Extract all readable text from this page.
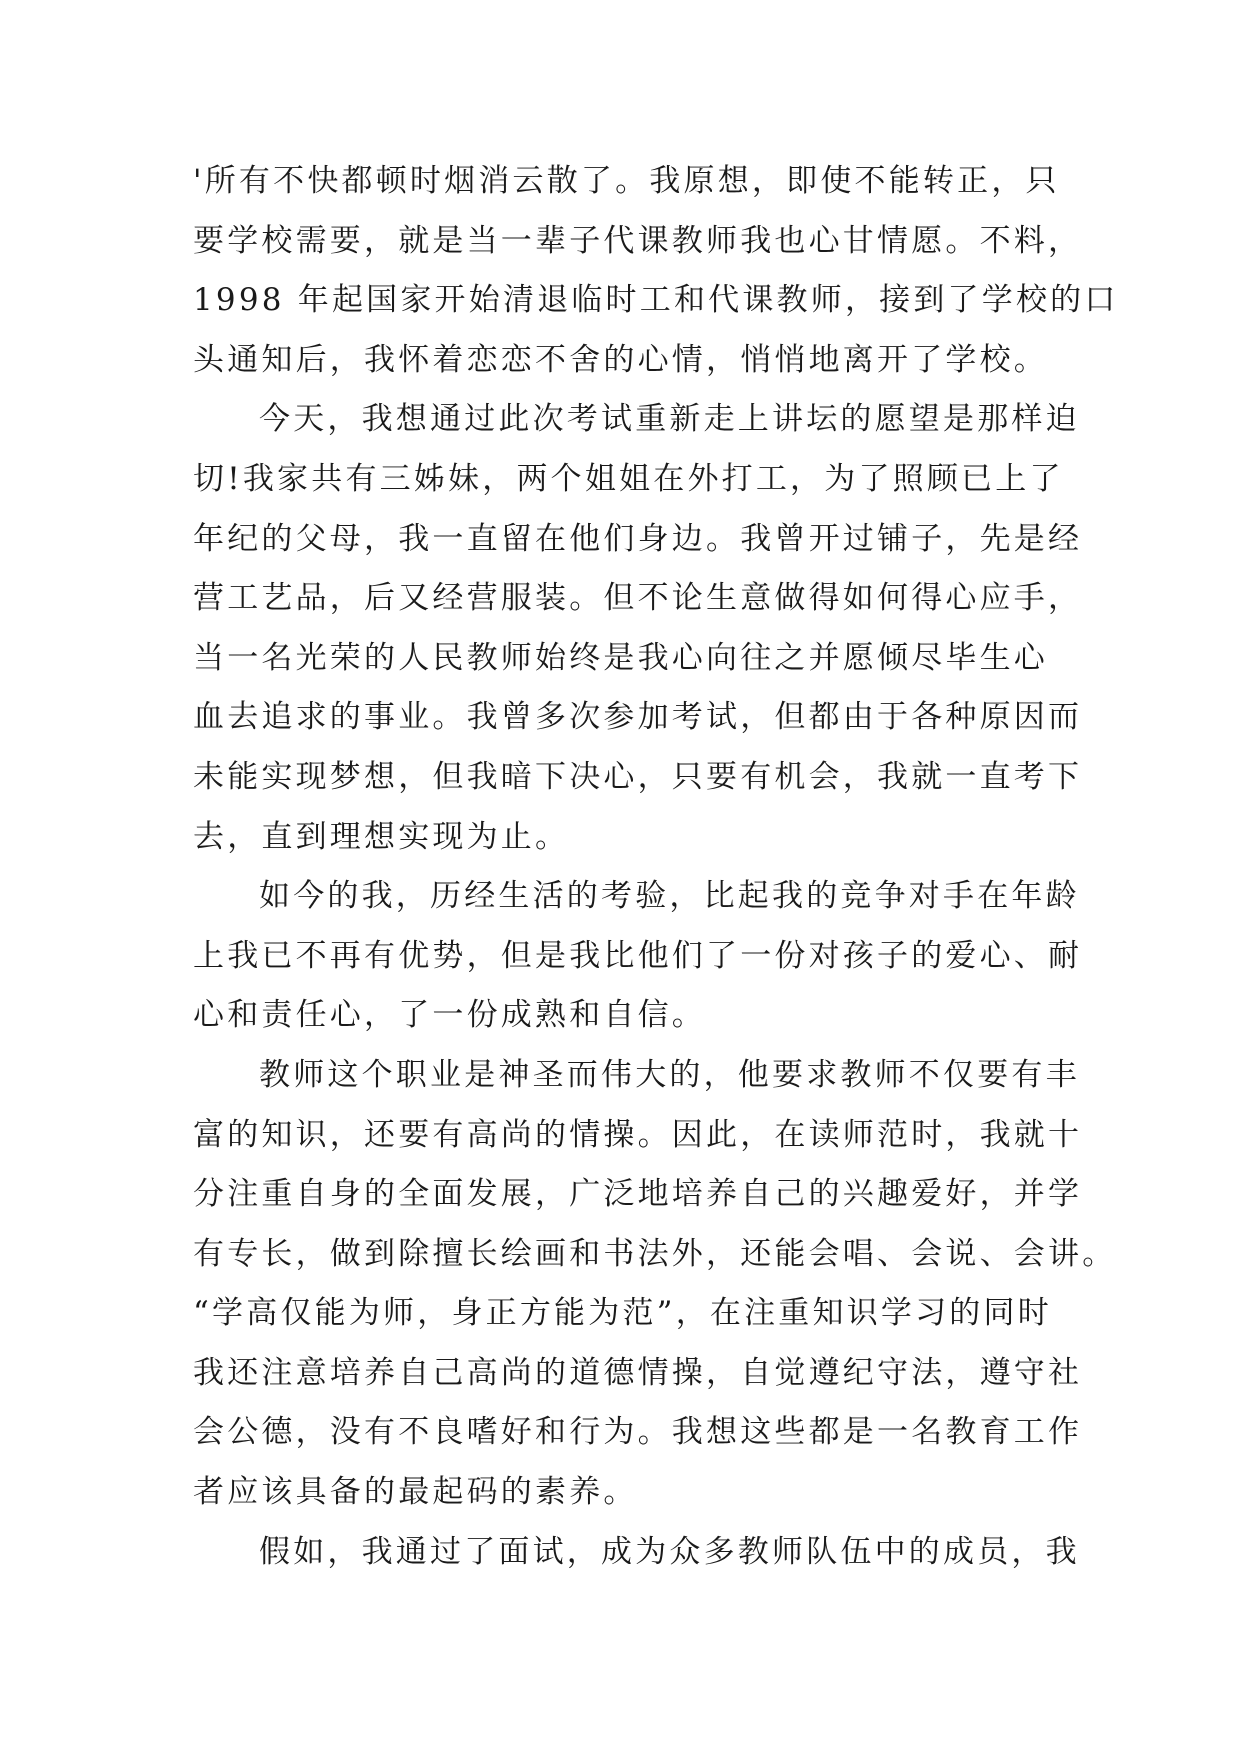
'所有不快都顿时烟消云散了。我原想，即使不能转正，只
要学校需要，就是当一辈子代课教师我也心甘情愿。不料，
1998 年起国家开始清退临时工和代课教师，接到了学校的口
头通知后，我怀着恋恋不舍的心情，悄悄地离开了学校。
今天，我想通过此次考试重新走上讲坛的愿望是那样迫
切!我家共有三姊妹，两个姐姐在外打工，为了照顾已上了
年纪的父母，我一直留在他们身边。我曾开过铺子，先是经
营工艺品，后又经营服装。但不论生意做得如何得心应手，
当一名光荣的人民教师始终是我心向往之并愿倾尽毕生心
血去追求的事业。我曾多次参加考试，但都由于各种原因而
未能实现梦想，但我暗下决心，只要有机会，我就一直考下
去，直到理想实现为止。
如今的我，历经生活的考验，比起我的竞争对手在年龄
上我已不再有优势，但是我比他们了一份对孩子的爱心、耐
心和责任心，了一份成熟和自信。
教师这个职业是神圣而伟大的，他要求教师不仅要有丰
富的知识，还要有高尚的情操。因此，在读师范时，我就十
分注重自身的全面发展，广泛地培养自己的兴趣爱好，并学
有专长，做到除擅长绘画和书法外，还能会唱、会说、会讲。
“学高仅能为师，身正方能为范”，在注重知识学习的同时
我还注意培养自己高尚的道德情操，自觉遵纪守法，遵守社
会公德，没有不良嗜好和行为。我想这些都是一名教育工作
者应该具备的最起码的素养。
假如，我通过了面试，成为众多教师队伍中的成员，我
